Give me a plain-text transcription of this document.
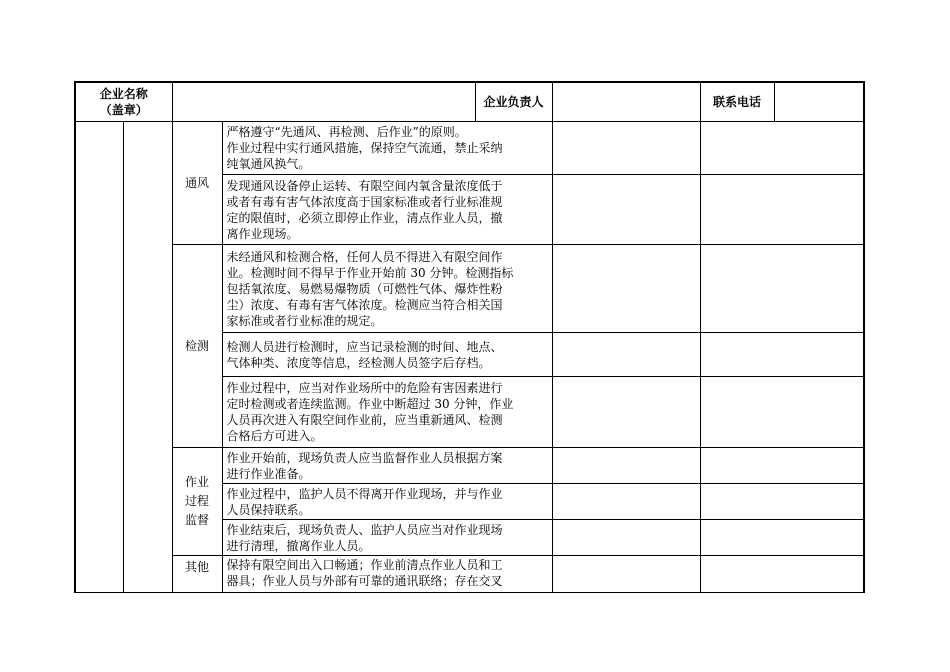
企业名称
（盖章）		企业负责人			联系电话	

		通风	严格遵守“先通风、再检测、后作业”的原则。
作业过程中实行通风措施，保持空气流通，禁止采纳
纯氧通风换气。			

			发现通风设备停止运转、有限空间内氧含量浓度低于
或者有毒有害气体浓度高于国家标准或者行业标准规
定的限值时，必须立即停止作业，清点作业人员，撤
离作业现场。			

		检测	未经通风和检测合格，任何人员不得进入有限空间作
业。检测时间不得早于作业开始前 30 分钟。检测指标
包括氧浓度、易燃易爆物质（可燃性气体、爆炸性粉
尘）浓度、有毒有害气体浓度。检测应当符合相关国
家标准或者行业标准的规定。			

			检测人员进行检测时，应当记录检测的时间、地点、
气体种类、浓度等信息，经检测人员签字后存档。			

			作业过程中，应当对作业场所中的危险有害因素进行
定时检测或者连续监测。作业中断超过 30 分钟，作业
人员再次进入有限空间作业前，应当重新通风、检测
合格后方可进入。			

		作业
过程
监督	作业开始前，现场负责人应当监督作业人员根据方案
进行作业准备。			

			作业过程中，监护人员不得离开作业现场，并与作业
人员保持联系。			

			作业结束后，现场负责人、监护人员应当对作业现场
进行清理，撤离作业人员。			

		其他	保持有限空间出入口畅通；作业前清点作业人员和工
器具；作业人员与外部有可靠的通讯联络；存在交叉			
